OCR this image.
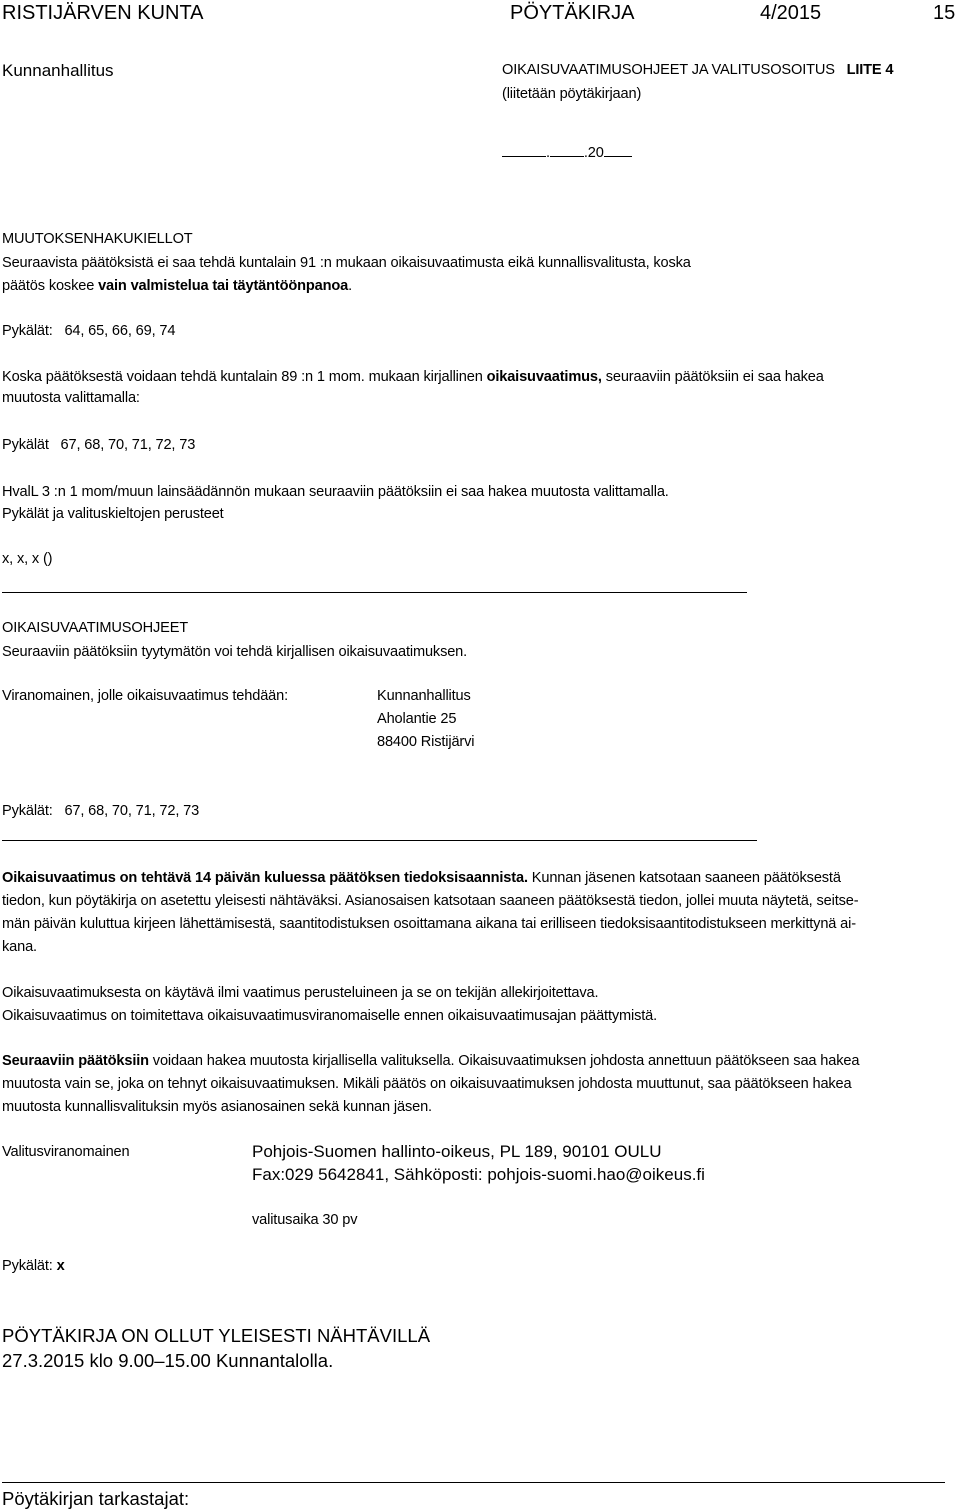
RISTIJÄRVEN KUNTA	PÖYTÄKIRJA	4/2015	15
Kunnanhallitus	OIKAISUVAATIMUSOHJEET JA VALITUSOSOITUS LIITE 4
(liitetään pöytäkirjaan)
. .20
MUUTOKSENHAKUKIELLOT
Seuraavista päätöksistä ei saa tehdä kuntalain 91 :n mukaan oikaisuvaatimusta eikä kunnallisvalitusta, koska
päätös koskee vain valmistelua tai täytäntöönpanoa.
Pykälät: 64, 65, 66, 69, 74
Koska päätöksestä voidaan tehdä kuntalain 89 :n 1 mom. mukaan kirjallinen oikaisuvaatimus, seuraaviin päätöksiin ei saa hakea
muutosta valittamalla:
Pykälät 67, 68, 70, 71, 72, 73
HvalL 3 :n 1 mom/muun lainsäädännön mukaan seuraaviin päätöksiin ei saa hakea muutosta valittamalla.
Pykälät ja valituskieltojen perusteet
x, x, x ()
OIKAISUVAATIMUSOHJEET
Seuraaviin päätöksiin tyytymätön voi tehdä kirjallisen oikaisuvaatimuksen.
Viranomainen, jolle oikaisuvaatimus tehdään:	Kunnanhallitus
Aholantie 25
88400 Ristijärvi
Pykälät: 67, 68, 70, 71, 72, 73
Oikaisuvaatimus on tehtävä 14 päivän kuluessa päätöksen tiedoksisaannista. Kunnan jäsenen katsotaan saaneen päätöksestä
tiedon, kun pöytäkirja on asetettu yleisesti nähtäväksi. Asianosaisen katsotaan saaneen päätöksestä tiedon, jollei muuta näytetä, seitse-
män päivän kuluttua kirjeen lähettämisestä, saantitodistuksen osoittamana aikana tai erilliseen tiedoksisaantitodistukseen merkittynä ai-
kana.
Oikaisuvaatimuksesta on käytävä ilmi vaatimus perusteluineen ja se on tekijän allekirjoitettava.
Oikaisuvaatimus on toimitettava oikaisuvaatimusviranomaiselle ennen oikaisuvaatimusajan päättymistä.
Seuraaviin päätöksiin voidaan hakea muutosta kirjallisella valituksella. Oikaisuvaatimuksen johdosta annettuun päätökseen saa hakea
muutosta vain se, joka on tehnyt oikaisuvaatimuksen. Mikäli päätös on oikaisuvaatimuksen johdosta muuttunut, saa päätökseen hakea
muutosta kunnallisvalituksin myös asianosainen sekä kunnan jäsen.
Valitusviranomainen	Pohjois-Suomen hallinto-oikeus, PL 189, 90101 OULU
Fax:029 5642841, Sähköposti: pohjois-suomi.hao@oikeus.fi
valitusaika 30 pv
Pykälät: x
PÖYTÄKIRJA ON OLLUT YLEISESTI NÄHTÄVILLÄ
27.3.2015 klo 9.00–15.00 Kunnantalolla.
Pöytäkirjan tarkastajat:
